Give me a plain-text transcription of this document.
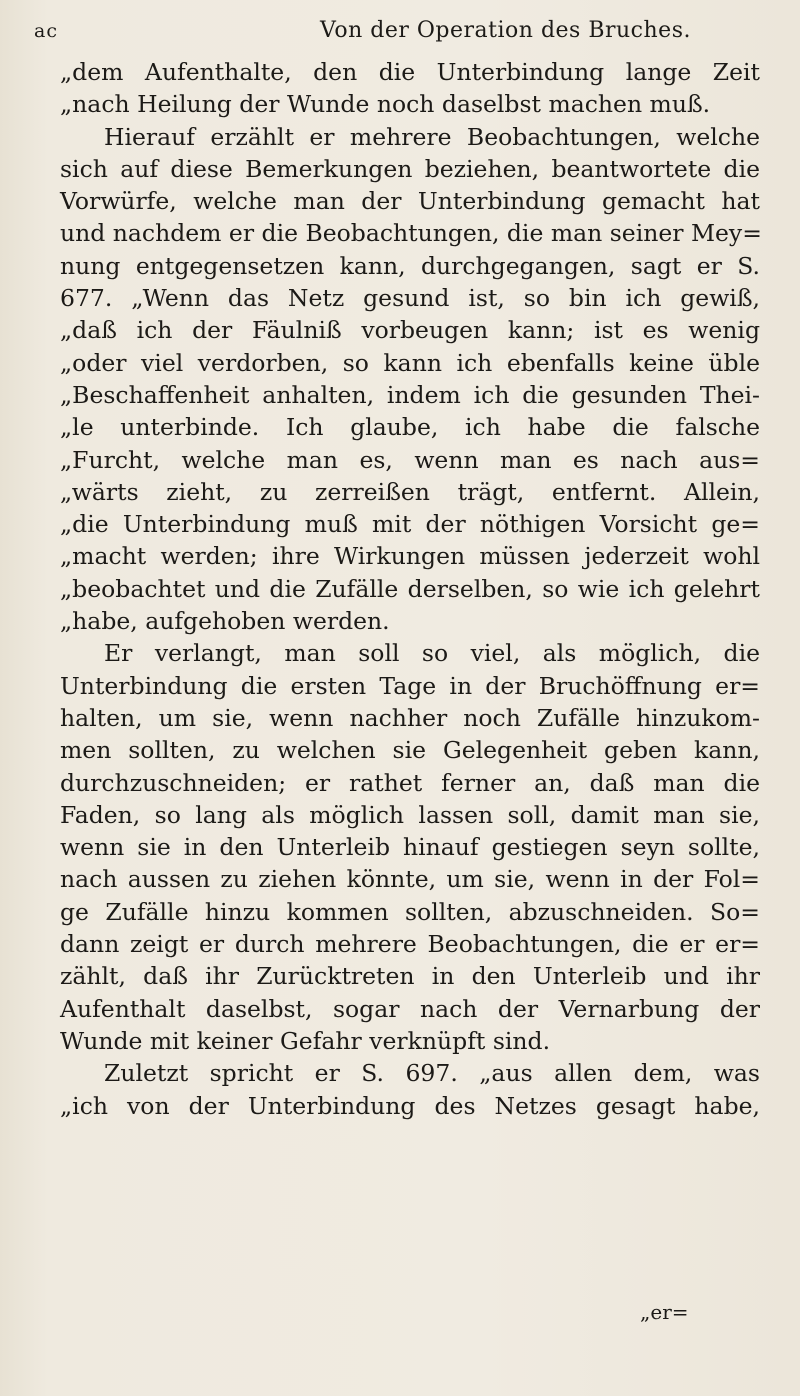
ac	Von der Operation des Bruches.
„dem Aufenthalte, den die Unterbindung lange Zeit
„nach Heilung der Wunde noch daselbst machen muß.
Hierauf erzählt er mehrere Beobachtungen, welche
sich auf diese Bemerkungen beziehen, beantwortete die
Vorwürfe, welche man der Unterbindung gemacht hat
und nachdem er die Beobachtungen, die man seiner Mey=
nung entgegensetzen kann, durchgegangen, sagt er S.
677. „Wenn das Netz gesund ist, so bin ich gewiß,
„daß ich der Fäulniß vorbeugen kann; ist es wenig
„oder viel verdorben, so kann ich ebenfalls keine üble
„Beschaffenheit anhalten, indem ich die gesunden Thei-
„le unterbinde. Ich glaube, ich habe die falsche
„Furcht, welche man es, wenn man es nach aus=
„wärts zieht, zu zerreißen trägt, entfernt. Allein,
„die Unterbindung muß mit der nöthigen Vorsicht ge=
„macht werden; ihre Wirkungen müssen jederzeit wohl
„beobachtet und die Zufälle derselben, so wie ich gelehrt
„habe, aufgehoben werden.
Er verlangt, man soll so viel, als möglich, die
Unterbindung die ersten Tage in der Bruchöffnung er=
halten, um sie, wenn nachher noch Zufälle hinzukom-
men sollten, zu welchen sie Gelegenheit geben kann,
durchzuschneiden; er rathet ferner an, daß man die
Faden, so lang als möglich lassen soll, damit man sie,
wenn sie in den Unterleib hinauf gestiegen seyn sollte,
nach aussen zu ziehen könnte, um sie, wenn in der Fol=
ge Zufälle hinzu kommen sollten, abzuschneiden. So=
dann zeigt er durch mehrere Beobachtungen, die er er=
zählt, daß ihr Zurücktreten in den Unterleib und ihr
Aufenthalt daselbst, sogar nach der Vernarbung der
Wunde mit keiner Gefahr verknüpft sind.
Zuletzt spricht er S. 697. „aus allen dem, was
„ich von der Unterbindung des Netzes gesagt habe,
„er=
